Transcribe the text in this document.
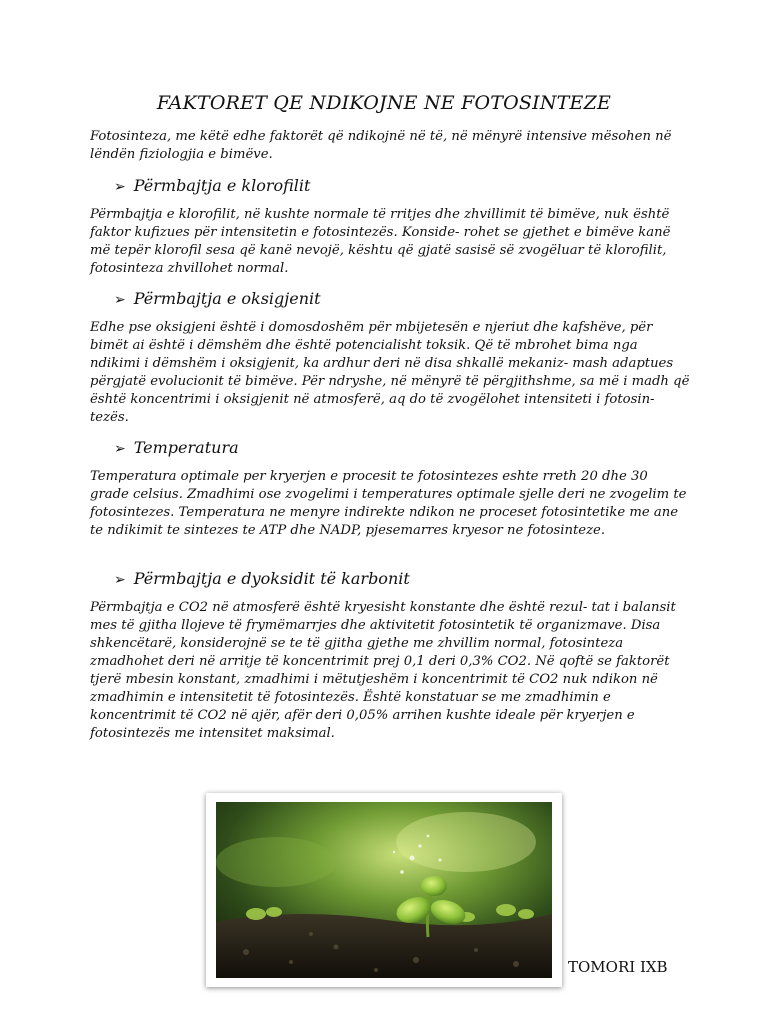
FAKTORET QE NDIKOJNE NE FOTOSINTEZE
Fotosinteza, me këtë edhe faktorët që ndikojnë në të, në mënyrë intensive mësohen në lëndën fiziologjia e bimëve.
➢ Përmbajtja e klorofilit
Përmbajtja e klorofilit, në kushte normale të rritjes dhe zhvillimit të bimëve, nuk është faktor kufizues për intensitetin e fotosintezës. Konside- rohet se gjethet e bimëve kanë më tepër klorofil sesa që kanë nevojë, kështu që gjatë sasisë së zvogëluar të klorofilit, fotosinteza zhvillohet normal.
➢ Përmbajtja e oksigjenit
Edhe pse oksigjeni është i domosdoshëm për mbijetesën e njeriut dhe kafshëve, për bimët ai është i dëmshëm dhe është potencialisht toksik. Që të mbrohet bima nga ndikimi i dëmshëm i oksigjenit, ka ardhur deri në disa shkallë mekaniz- mash adaptues përgjatë evolucionit të bimëve. Për ndryshe, në mënyrë të përgjithshme, sa më i madh që është koncentrimi i oksigjenit në atmosferë, aq do të zvogëlohet intensiteti i fotosin- tezës.
➢ Temperatura
Temperatura optimale per kryerjen e procesit te fotosintezes eshte rreth 20 dhe 30 grade celsius. Zmadhimi ose zvogelimi i temperatures optimale sjelle deri ne zvogelim te fotosintezes. Temperatura ne menyre indirekte ndikon ne proceset fotosintetike me ane te ndikimit te sintezes te ATP dhe NADP, pjesemarres kryesor ne fotosinteze.
➢ Përmbajtja e dyoksidit të karbonit
Përmbajtja e CO2 në atmosferë është kryesisht konstante dhe është rezul- tat i balansit mes të gjitha llojeve të frymëmarrjes dhe aktivitetit fotosintetik të organizmave. Disa shkencëtarë, konsiderojnë se te të gjitha gjethe me zhvillim normal, fotosinteza zmadhohet deri në arritje të koncentrimit prej 0,1 deri 0,3% CO2. Në qoftë se faktorët tjerë mbesin konstant, zmadhimi i mëtutjeshëm i koncentrimit të CO2 nuk ndikon në zmadhimin e intensitetit të fotosintezës. Është konstatuar se me zmadhimin e koncentrimit të CO2 në ajër, afër deri 0,05% arrihen kushte ideale për kryerjen e fotosintezës me intensitet maksimal.
TOMORI IXB
